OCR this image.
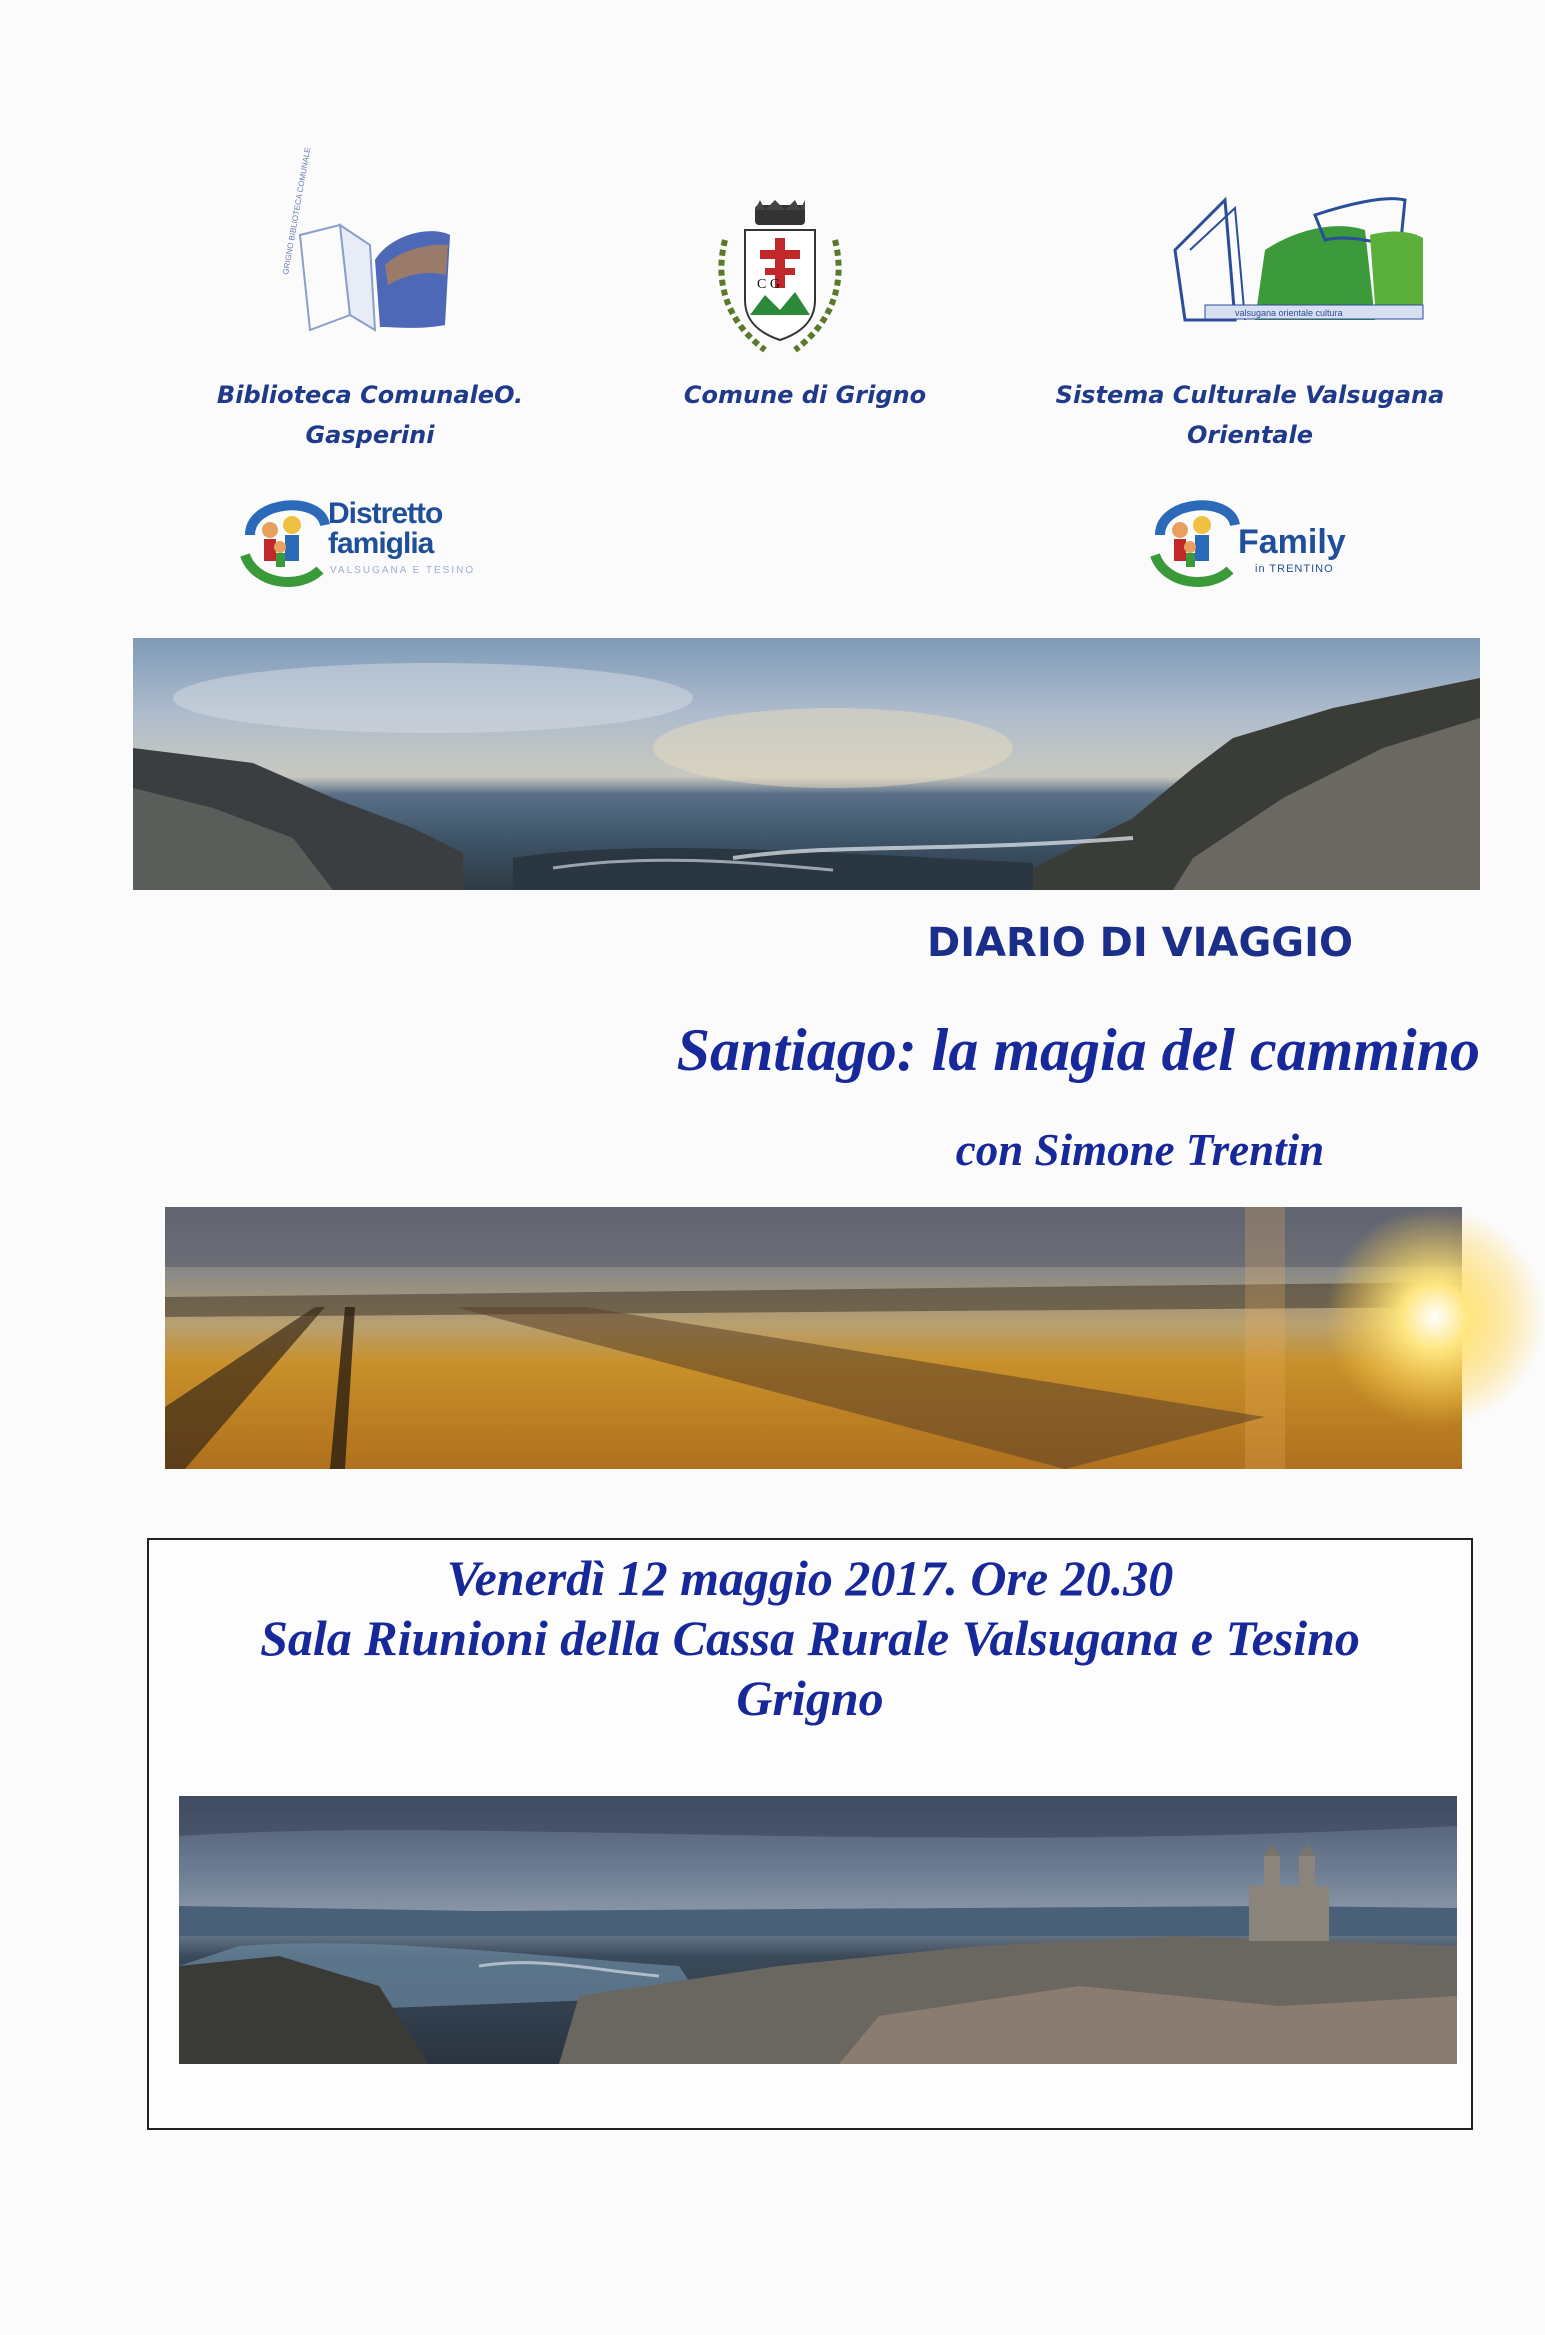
GRIGNO BIBLIOTECA COMUNALE
C G
valsugana orientale cultura
Biblioteca ComunaleO.
Gasperini
Comune di Grigno	Sistema Culturale Valsugana
Orientale
Distretto
famiglia
VALSUGANA E TESINO
Family
in TRENTINO
DIARIO DI VIAGGIO
Santiago: la magia del cammino
con Simone Trentin
Venerdì 12 maggio 2017. Ore 20.30
Sala Riunioni della Cassa Rurale Valsugana e Tesino
Grigno
